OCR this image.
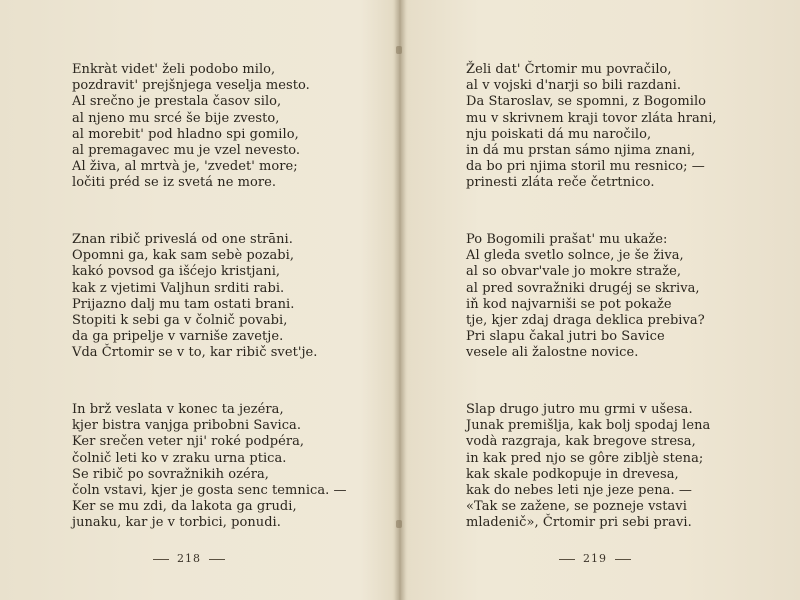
Enkràt videt' želi podobo milo,
pozdravit' prejšnjega veselja mesto.
Al srečno je prestala časov silo,
al njeno mu srcé še bije zvesto,
al morebit' pod hladno spi gomilo,
al premagavec mu je vzel nevesto.
Al živa, al mrtvà je, 'zvedet' more;
ločiti préd se iz svetá ne more.
Znan ribič priveslá od one strāni.
Opomni ga, kak sam sebè pozabi,
kakó povsod ga išćejo kristjani,
kak z vjetimi Valjhun srditi rabi.
Prijazno dalj mu tam ostati brani.
Stopiti k sebi ga v čolnič povabi,
da ga pripelje v varniše zavetje.
Vda Črtomir se v to, kar ribič svet'je.
In brž veslata v konec ta jezéra,
kjer bistra vanjga pribobni Savica.
Ker srečen veter nji' roké podpéra,
čolnič leti ko v zraku urna ptica.
Se ribič po sovražnikih ozéra,
čoln vstavi, kjer je gosta senc temnica. —
Ker se mu zdi, da lakota ga grudi,
junaku, kar je v torbici, ponudi.
218
Želi dat' Črtomir mu povračilo,
al v vojski d'narji so bili razdani.
Da Staroslav, se spomni, z Bogomilo
mu v skrivnem kraji tovor zláta hrani,
nju poiskati dá mu naročilo,
in dá mu prstan sámo njima znani,
da bo pri njima storil mu resnico; —
prinesti zláta reče četrtnico.
Po Bogomili prašat' mu ukaže:
Al gleda svetlo solnce, je še živa,
al so obvar'vale jo mokre straže,
al pred sovražniki drugéj se skriva,
iň kod najvarniši se pot pokaže
tje, kjer zdaj draga deklica prebiva?
Pri slapu čakal jutri bo Savice
vesele ali žalostne novice.
Slap drugo jutro mu grmi v ušesa.
Junak premišlja, kak bolj spodaj lena
vodà razgraja, kak bregove stresa,
in kak pred njo se gôre zibljè stena;
kak skale podkopuje in drevesa,
kak do nebes leti nje jeze pena. —
«Tak se zažene, se pozneje vstavi
mladenič», Črtomir pri sebi pravi.
219
